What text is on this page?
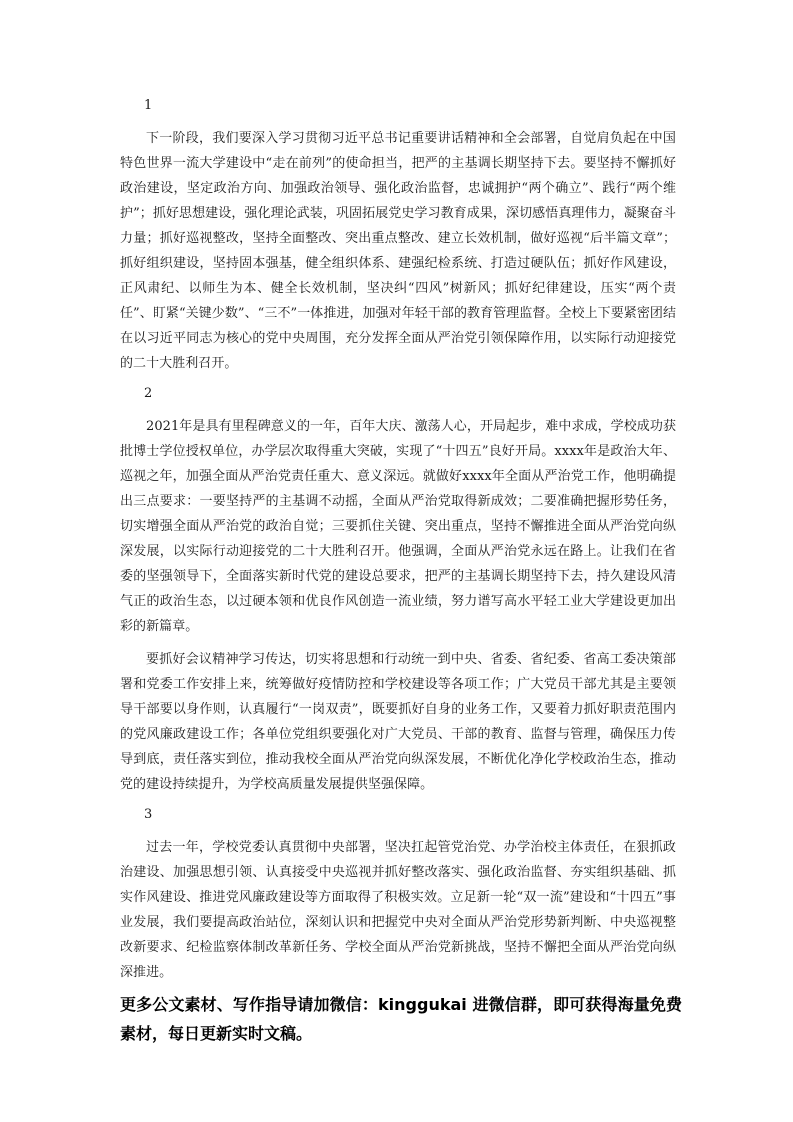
1

下一阶段，我们要深入学习贯彻习近平总书记重要讲话精神和全会部署，自觉肩负起在中国特色世界一流大学建设中“走在前列”的使命担当，把严的主基调长期坚持下去。要坚持不懈抓好政治建设，坚定政治方向、加强政治领导、强化政治监督，忠诚拥护“两个确立”、践行“两个维护”；抓好思想建设，强化理论武装，巩固拓展党史学习教育成果，深切感悟真理伟力，凝聚奋斗力量；抓好巡视整改，坚持全面整改、突出重点整改、建立长效机制，做好巡视“后半篇文章”；抓好组织建设，坚持固本强基，健全组织体系、建强纪检系统、打造过硬队伍；抓好作风建设，正风肃纪、以师生为本、健全长效机制，坚决纠“四风”树新风；抓好纪律建设，压实“两个责任”、盯紧“关键少数”、“三不”一体推进，加强对年轻干部的教育管理监督。全校上下要紧密团结在以习近平同志为核心的党中央周围，充分发挥全面从严治党引领保障作用，以实际行动迎接党的二十大胜利召开。

2

2021年是具有里程碑意义的一年，百年大庆、激荡人心，开局起步，难中求成，学校成功获批博士学位授权单位，办学层次取得重大突破，实现了“十四五”良好开局。xxxx年是政治大年、巡视之年，加强全面从严治党责任重大、意义深远。就做好xxxx年全面从严治党工作，他明确提出三点要求：一要坚持严的主基调不动摇，全面从严治党取得新成效；二要准确把握形势任务，切实增强全面从严治党的政治自觉；三要抓住关键、突出重点，坚持不懈推进全面从严治党向纵深发展，以实际行动迎接党的二十大胜利召开。他强调，全面从严治党永远在路上。让我们在省委的坚强领导下，全面落实新时代党的建设总要求，把严的主基调长期坚持下去，持久建设风清气正的政治生态，以过硬本领和优良作风创造一流业绩，努力谱写高水平轻工业大学建设更加出彩的新篇章。

要抓好会议精神学习传达，切实将思想和行动统一到中央、省委、省纪委、省高工委决策部署和党委工作安排上来，统筹做好疫情防控和学校建设等各项工作；广大党员干部尤其是主要领导干部要以身作则，认真履行“一岗双责”，既要抓好自身的业务工作，又要着力抓好职责范围内的党风廉政建设工作；各单位党组织要强化对广大党员、干部的教育、监督与管理，确保压力传导到底，责任落实到位，推动我校全面从严治党向纵深发展，不断优化净化学校政治生态，推动党的建设持续提升，为学校高质量发展提供坚强保障。

3

过去一年，学校党委认真贯彻中央部署，坚决扛起管党治党、办学治校主体责任，在狠抓政治建设、加强思想引领、认真接受中央巡视并抓好整改落实、强化政治监督、夯实组织基础、抓实作风建设、推进党风廉政建设等方面取得了积极实效。立足新一轮“双一流”建设和“十四五”事业发展，我们要提高政治站位，深刻认识和把握党中央对全面从严治党形势新判断、中央巡视整改新要求、纪检监察体制改革新任务、学校全面从严治党新挑战，坚持不懈把全面从严治党向纵深推进。

更多公文素材、写作指导请加微信：kinggukai 进微信群，即可获得海量免费素材，每日更新实时文稿。
